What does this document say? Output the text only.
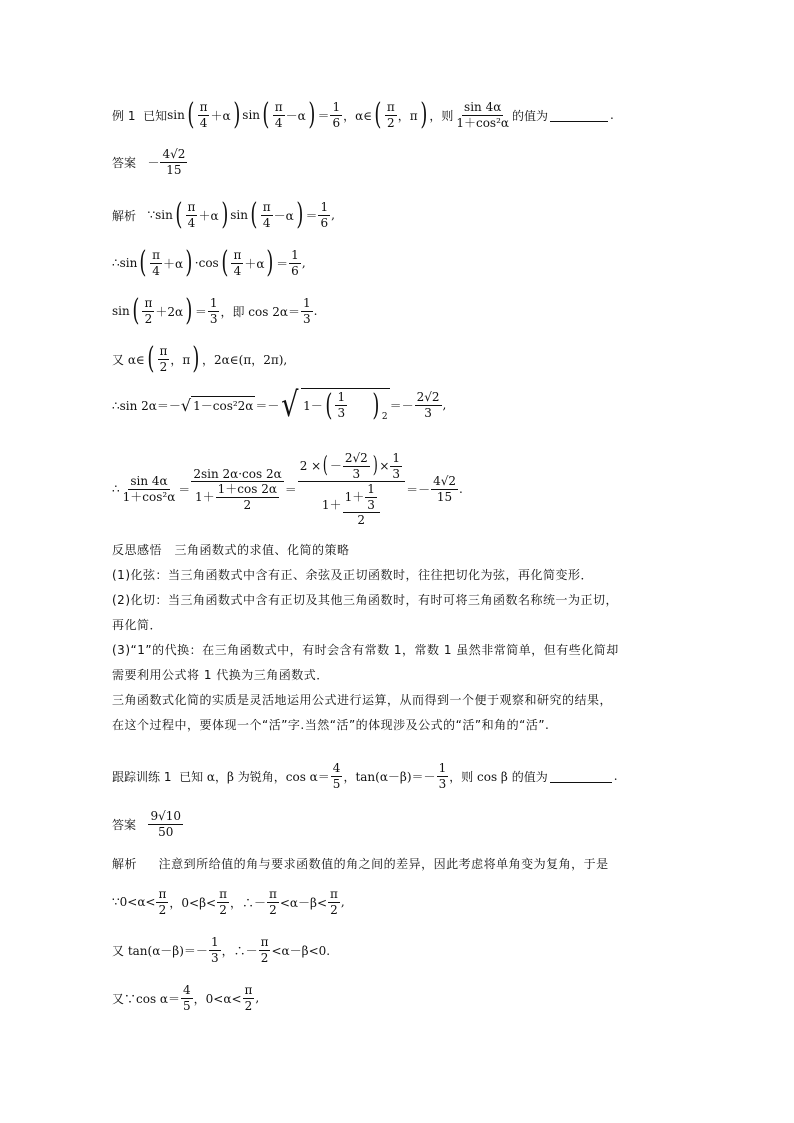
例 1
已知 sin ( π
4 ＋α ) sin ( π
4 －α ) ＝
1
6 ，α∈ ( π
2 ，π ) ，则 $\frac{\sin 4\alpha}{\text{1＋cos²α}}$ 的值为	.
答案
－ $\frac{4√2}{15}$
解析
∵sin ( π
4 ＋α ) sin ( π
4 －α ) ＝
1
6
,
∴sin ( π
4 ＋α ) ·cos ( π
4 ＋α ) ＝
1
6
,
sin ( π
2 ＋2α ) ＝
1
3 ，即 cos 2α＝
1
3
.
又 α∈ ( π
2 ，π ) ，2α∈(π，2π),
∴sin 2α＝－ √ 1－cos²2α ＝－ √ 1－ ( 1
3 ) 2
＝－
2√2
3
,
∴
sin 4α
1＋cos²α ＝
2sin 2α·cos 2α
1＋
1＋cos 2α
2
＝
2 × ( －
2√2
3 ) × $\frac{1}{3}$
1＋
1＋
1
3
2
＝－
4√2
15
.
反思感悟　三角函数式的求值、化简的策略
(1)化弦：当三角函数式中含有正、余弦及正切函数时，往往把切化为弦，再化简变形．
(2)化切：当三角函数式中含有正切及其他三角函数时，有时可将三角函数名称统一为正切，
再化简．
(3)“1”的代换：在三角函数式中，有时会含有常数 1，常数 1 虽然非常简单，但有些化简却
需要利用公式将 1 代换为三角函数式．
三角函数式化简的实质是灵活地运用公式进行运算，从而得到一个便于观察和研究的结果，
在这个过程中，要体现一个“活”字.当然“活”的体现涉及公式的“活”和角的“活”.
跟踪训练 1
已知 α，β 为锐角，$\cos \alpha= \frac{4}{5}$ ，$\tan(\alpha-\beta)=- \frac{1}{3}$ ，则 cos β 的值为	.
答案
$\frac{9√10}{50}$
解析 注意到所给值的角与要求函数值的角之间的差异，因此考虑将单角变为复角，于是
∵0<α<
π
2 ，0<β<
π
2 ，∴－
π
2 <α－β<
π
2
,
又 tan(α－β)＝－
1
3 ，∴－
π
2 <α－β<0.
又∵cos α＝
4
5 ，0<α<
π
2
,
